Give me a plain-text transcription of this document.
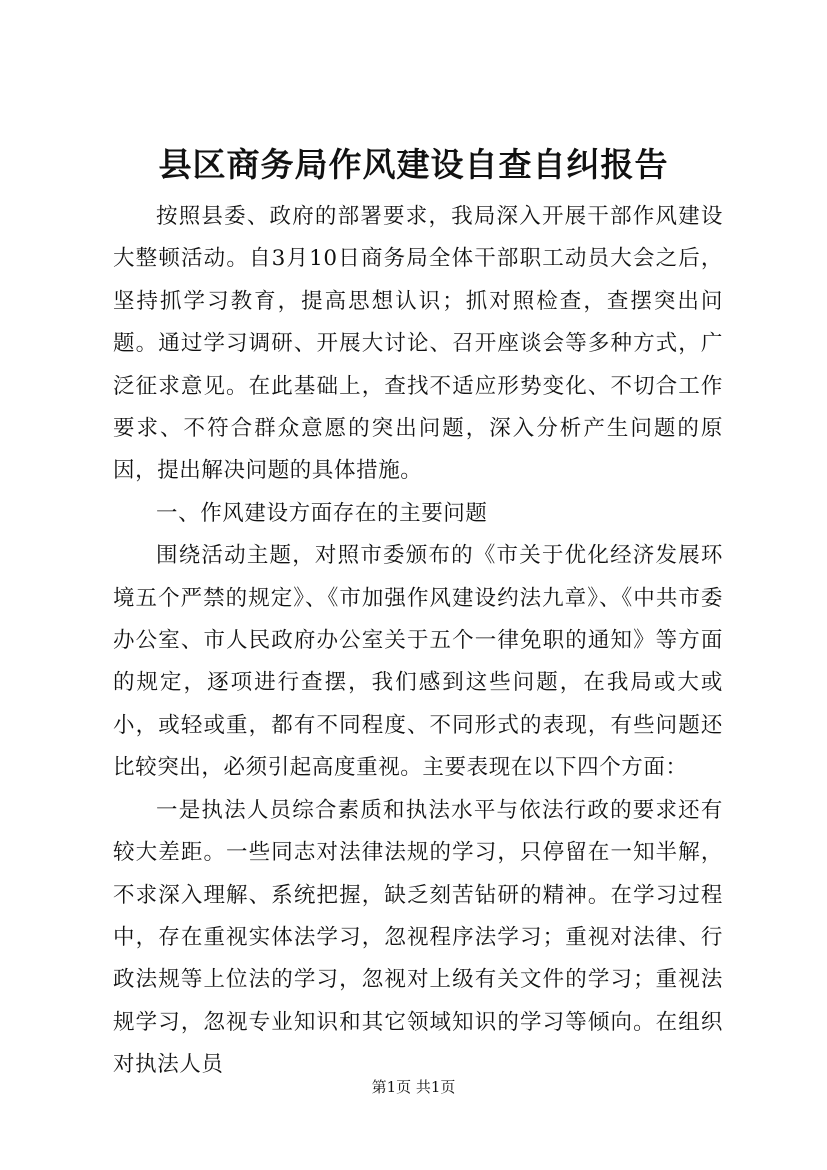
县区商务局作风建设自查自纠报告

按照县委、政府的部署要求，我局深入开展干部作风建设大整顿活动。自3月10日商务局全体干部职工动员大会之后，坚持抓学习教育，提高思想认识；抓对照检查，查摆突出问题。通过学习调研、开展大讨论、召开座谈会等多种方式，广泛征求意见。在此基础上，查找不适应形势变化、不切合工作要求、不符合群众意愿的突出问题，深入分析产生问题的原因，提出解决问题的具体措施。

一、作风建设方面存在的主要问题

围绕活动主题，对照市委颁布的《市关于优化经济发展环境五个严禁的规定》、《市加强作风建设约法九章》、《中共市委办公室、市人民政府办公室关于五个一律免职的通知》等方面的规定，逐项进行查摆，我们感到这些问题，在我局或大或小，或轻或重，都有不同程度、不同形式的表现，有些问题还比较突出，必须引起高度重视。主要表现在以下四个方面：

一是执法人员综合素质和执法水平与依法行政的要求还有较大差距。一些同志对法律法规的学习，只停留在一知半解，不求深入理解、系统把握，缺乏刻苦钻研的精神。在学习过程中，存在重视实体法学习，忽视程序法学习；重视对法律、行政法规等上位法的学习，忽视对上级有关文件的学习；重视法规学习，忽视专业知识和其它领域知识的学习等倾向。在组织对执法人员

第1页 共1页
